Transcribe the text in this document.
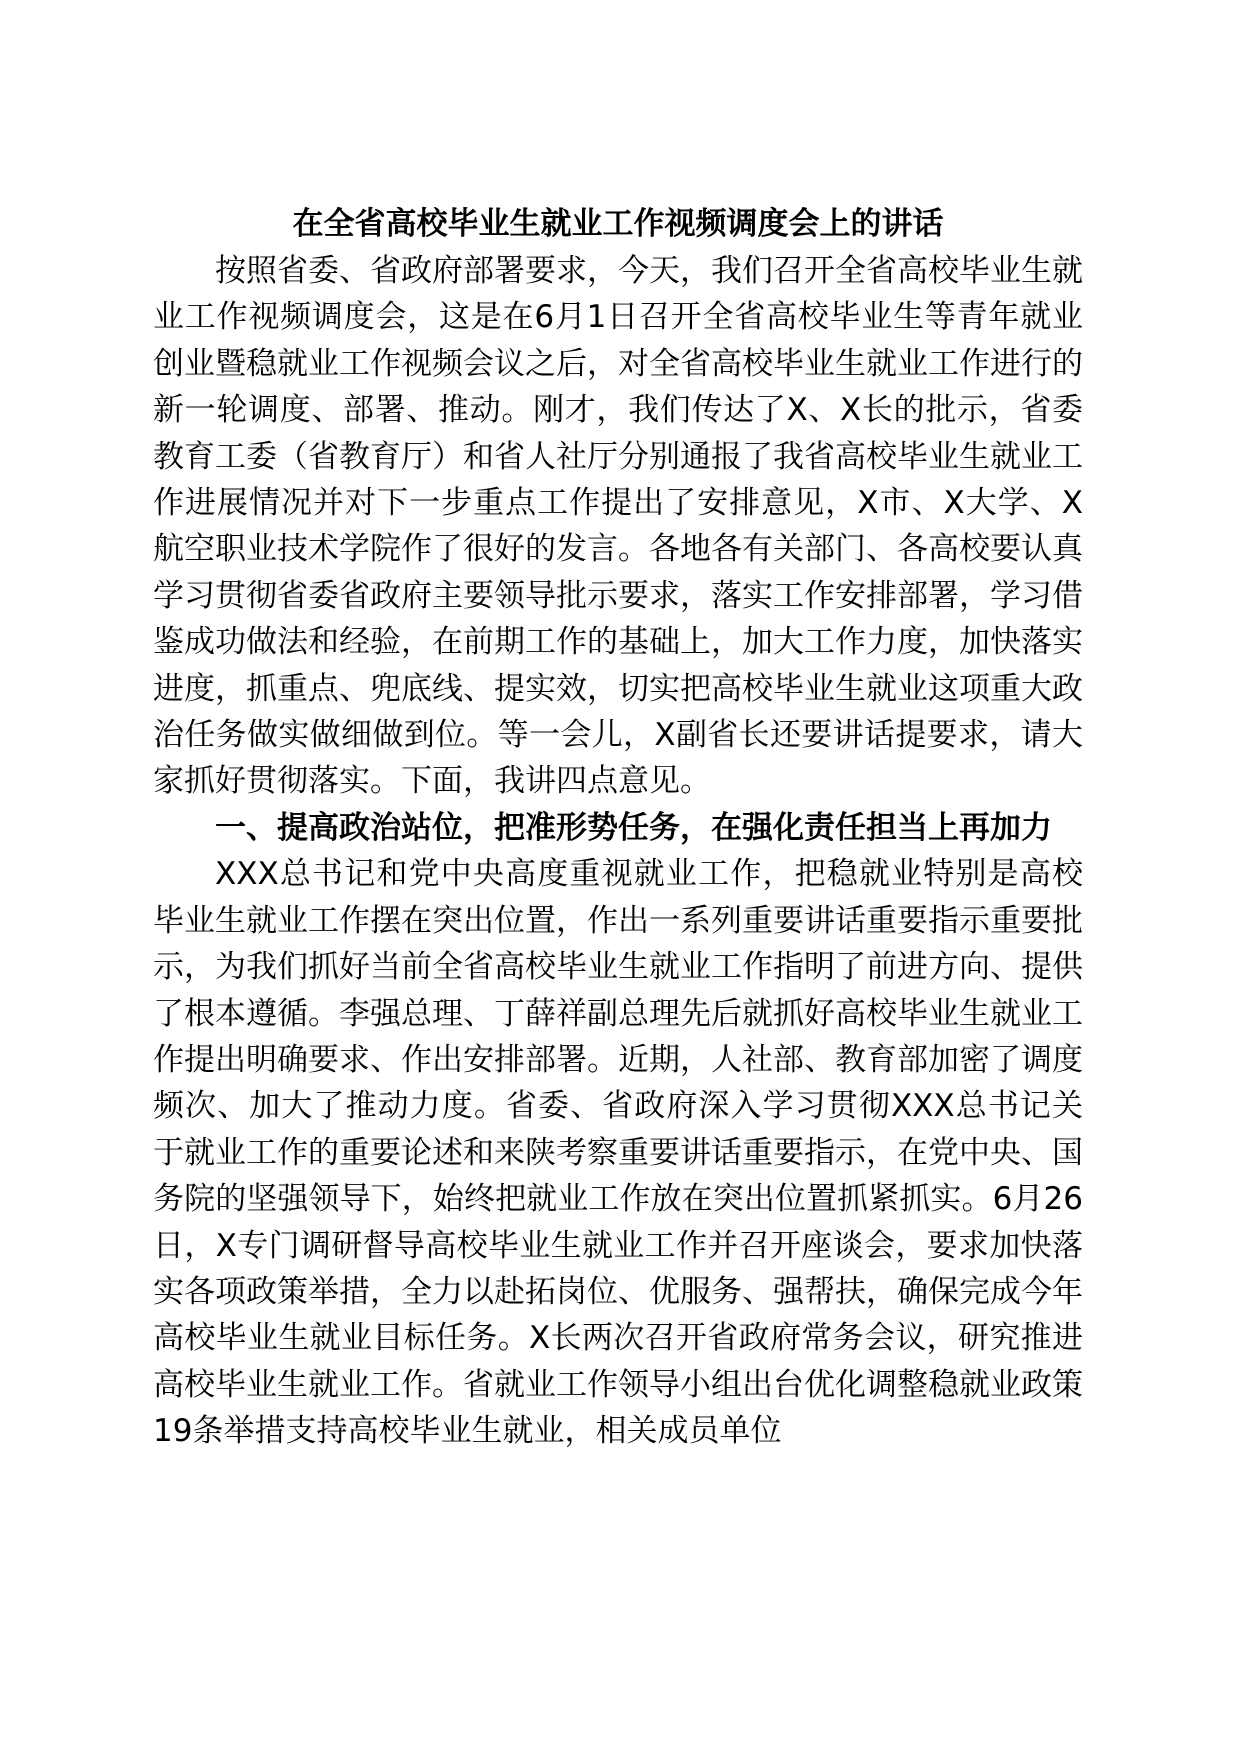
在全省高校毕业生就业工作视频调度会上的讲话

按照省委、省政府部署要求，今天，我们召开全省高校毕业生就业工作视频调度会，这是在6月1日召开全省高校毕业生等青年就业创业暨稳就业工作视频会议之后，对全省高校毕业生就业工作进行的新一轮调度、部署、推动。刚才，我们传达了X、X长的批示，省委教育工委（省教育厅）和省人社厅分别通报了我省高校毕业生就业工作进展情况并对下一步重点工作提出了安排意见，X市、X大学、X航空职业技术学院作了很好的发言。各地各有关部门、各高校要认真学习贯彻省委省政府主要领导批示要求，落实工作安排部署，学习借鉴成功做法和经验，在前期工作的基础上，加大工作力度，加快落实进度，抓重点、兜底线、提实效，切实把高校毕业生就业这项重大政治任务做实做细做到位。等一会儿，X副省长还要讲话提要求，请大家抓好贯彻落实。下面，我讲四点意见。

一、提高政治站位，把准形势任务，在强化责任担当上再加力

XXX总书记和党中央高度重视就业工作，把稳就业特别是高校毕业生就业工作摆在突出位置，作出一系列重要讲话重要指示重要批示，为我们抓好当前全省高校毕业生就业工作指明了前进方向、提供了根本遵循。李强总理、丁薛祥副总理先后就抓好高校毕业生就业工作提出明确要求、作出安排部署。近期，人社部、教育部加密了调度频次、加大了推动力度。省委、省政府深入学习贯彻XXX总书记关于就业工作的重要论述和来陕考察重要讲话重要指示，在党中央、国务院的坚强领导下，始终把就业工作放在突出位置抓紧抓实。6月26日，X专门调研督导高校毕业生就业工作并召开座谈会，要求加快落实各项政策举措，全力以赴拓岗位、优服务、强帮扶，确保完成今年高校毕业生就业目标任务。X长两次召开省政府常务会议，研究推进高校毕业生就业工作。省就业工作领导小组出台优化调整稳就业政策19条举措支持高校毕业生就业，相关成员单位
